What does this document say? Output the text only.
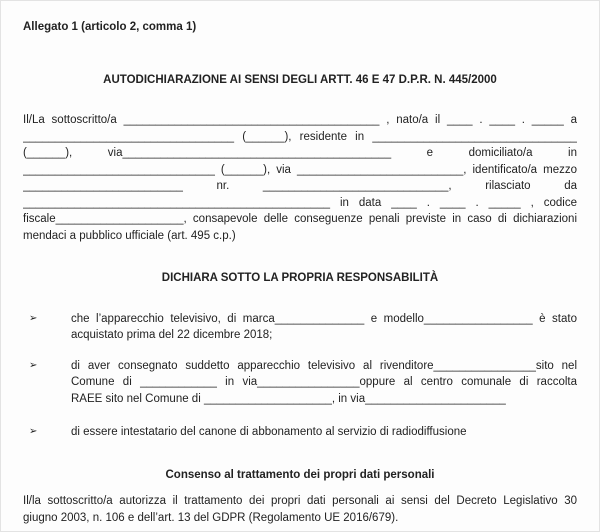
Allegato 1 (articolo 2, comma 1)
AUTODICHIARAZIONE AI SENSI DEGLI ARTT. 46 E 47 D.P.R. N. 445/2000
Il/La sottoscritto/a ________________________________________ , nato/a il ____ . ____ . _____ a
_________________________________ (______), residente in ________________________________
(______), via__________________________________________ e domiciliato/a in
______________________________ (______), via __________________________, identificato/a mezzo
_________________________ nr. _____________________________, rilasciato da
________________________________________________ in data ____ . ____ . _____ , codice
fiscale____________________, consapevole delle conseguenze penali previste in caso di dichiarazioni
mendaci a pubblico ufficiale (art. 495 c.p.)
DICHIARA SOTTO LA PROPRIA RESPONSABILITÀ
➢	che l’apparecchio televisivo, di marca______________ e modello_________________ è stato
acquistato prima del 22 dicembre 2018;
➢	di aver consegnato suddetto apparecchio televisivo al rivenditore________________sito nel
Comune di ____________ in via________________oppure al centro comunale di raccolta
RAEE sito nel Comune di ____________________, in via______________________
➢	di essere intestatario del canone di abbonamento al servizio di radiodiffusione
Consenso al trattamento dei propri dati personali
Il/la sottoscritto/a autorizza il trattamento dei propri dati personali ai sensi del Decreto Legislativo 30
giugno 2003, n. 106 e dell’art. 13 del GDPR (Regolamento UE 2016/679).
